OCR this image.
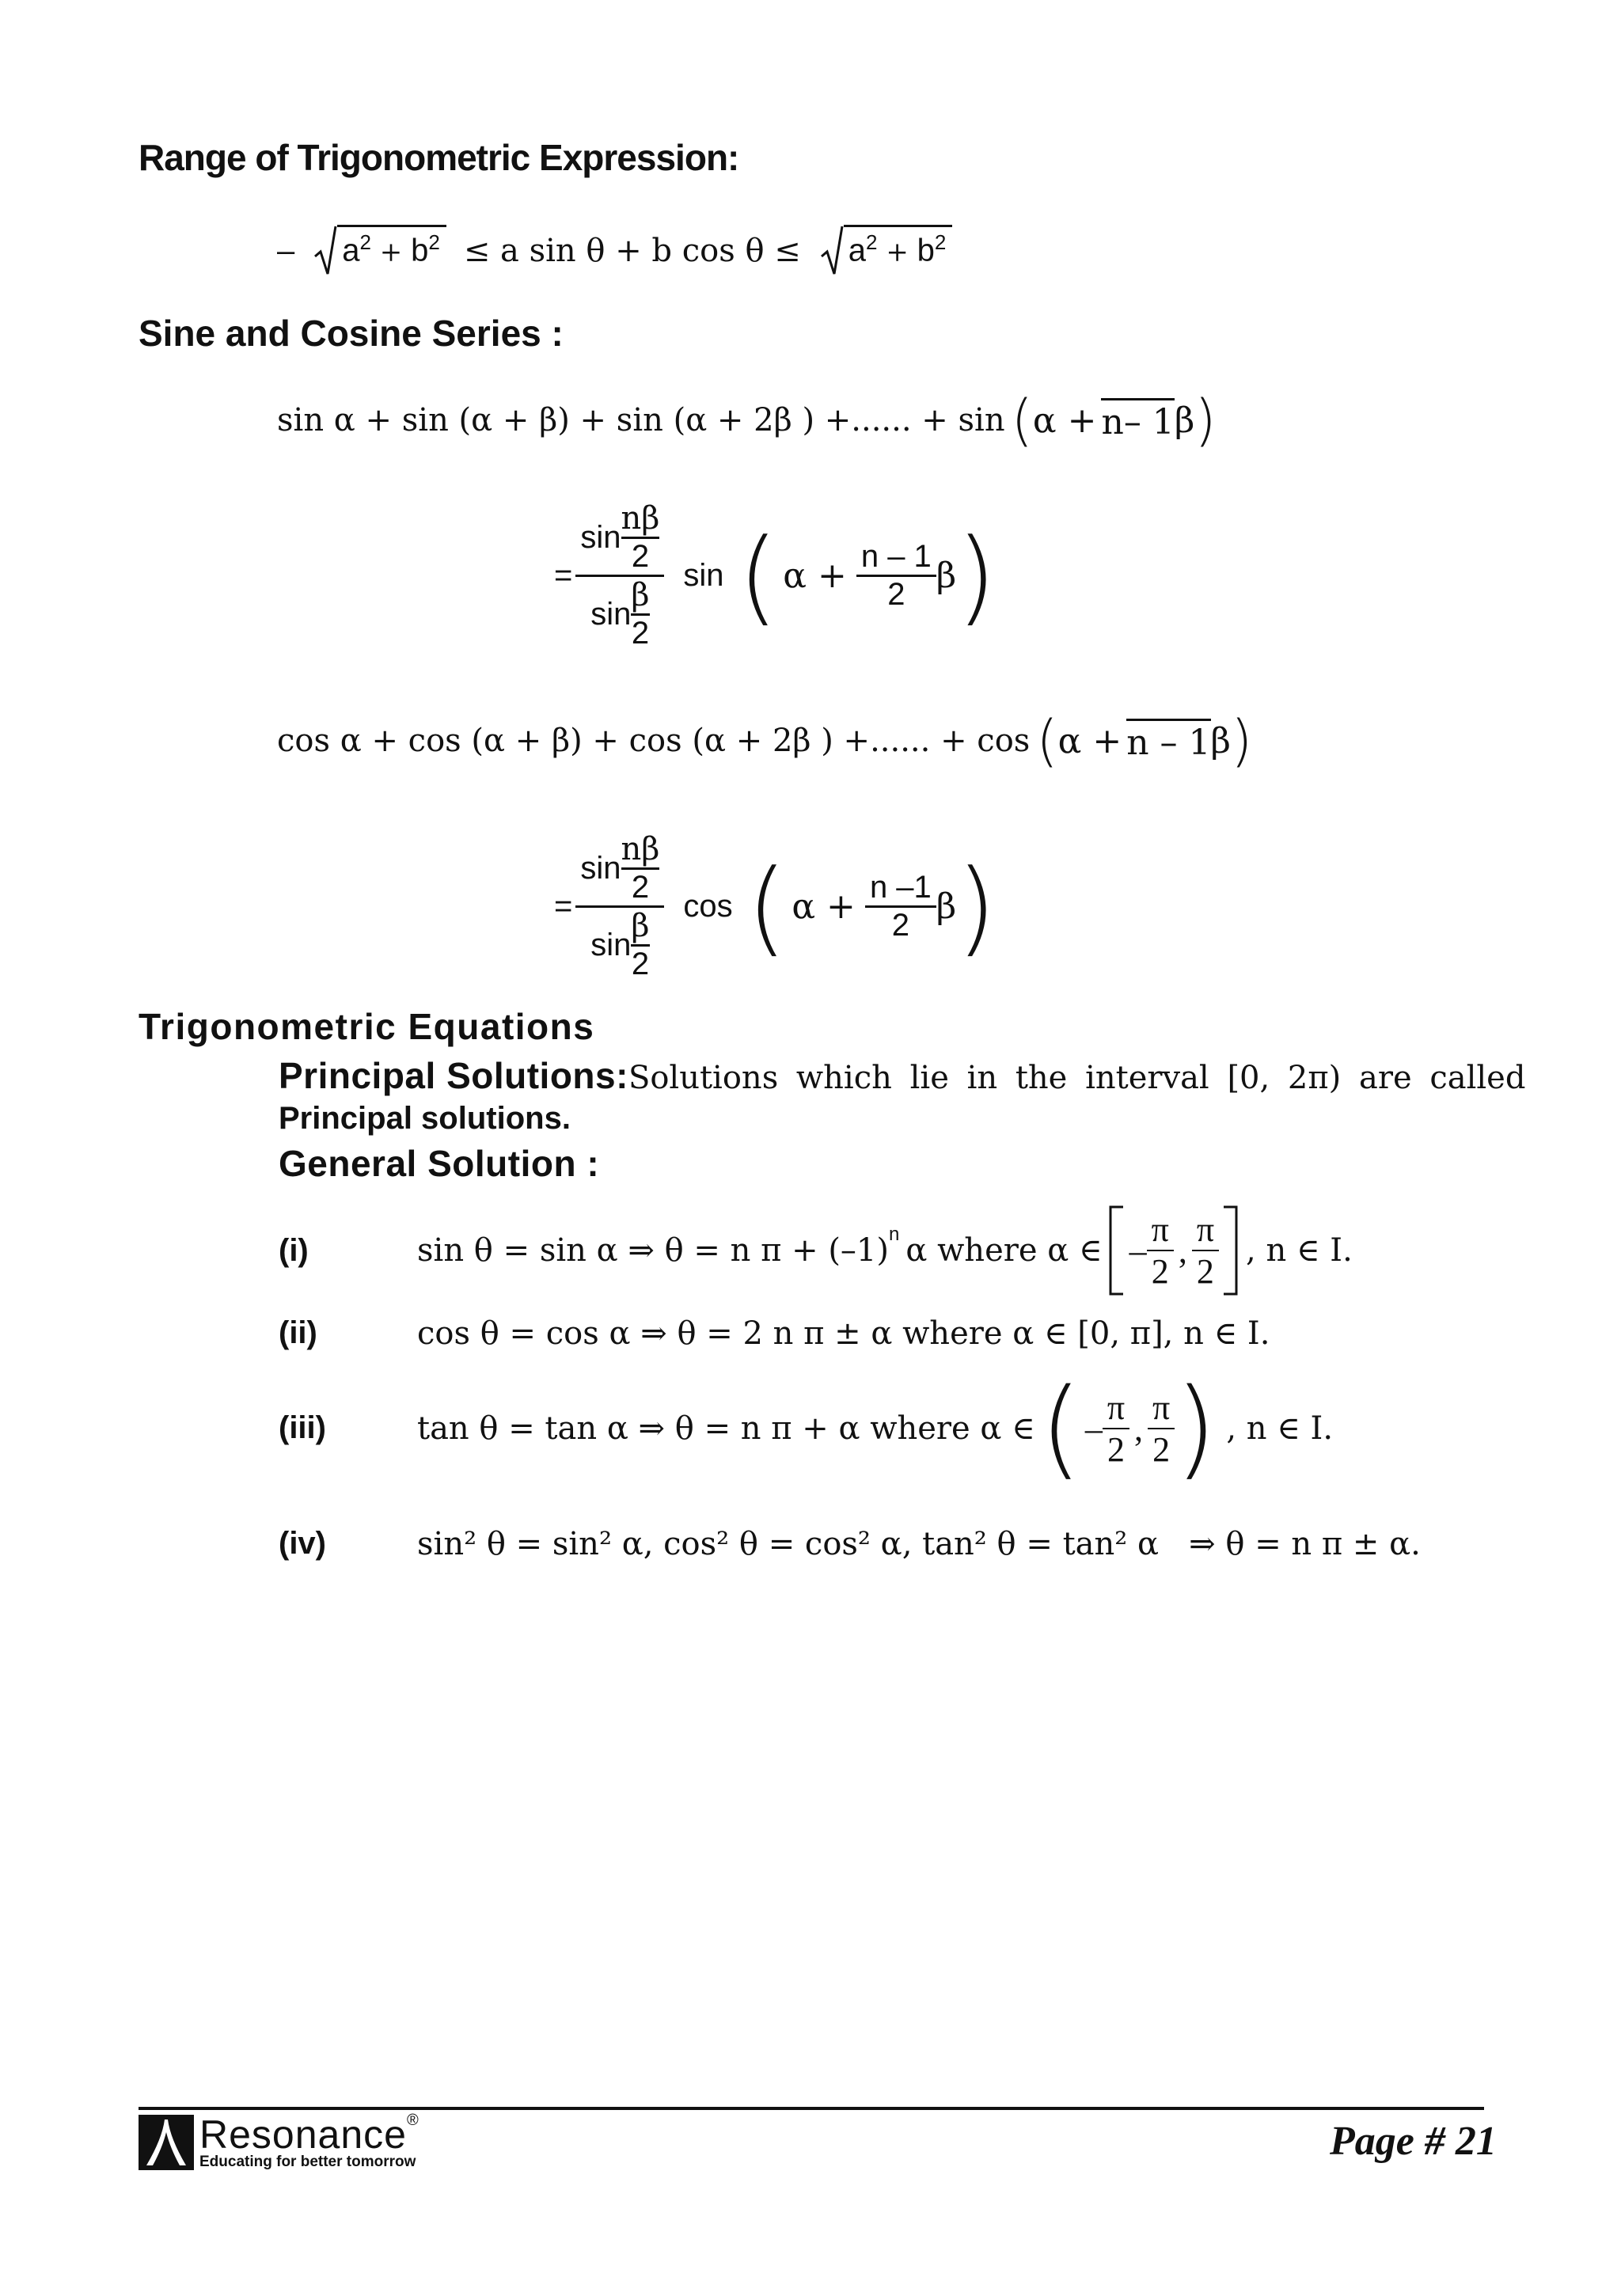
Range of Trigonometric Expression:
– $a^2 + b^2 \le a$ sin θ + b $\cos \theta \le a^2 + b^2$
Sine and Cosine Series :
sin α + sin (α + β) + sin (α + 2β ) +...... + sin ( α + n– 1 β )
= $\frac{\sin \frac{n\beta}{2}}{\sin \frac{\beta}{2}}$ sin ( $\alpha + \frac{n - 1}{2}$ β )
cos α + cos (α + β) + cos (α + 2β ) +...... + cos ( α + n – 1 β )
= $\frac{\sin \frac{n\beta}{2}}{\sin \frac{\beta}{2}}$ cos ( $\alpha + \frac{n -1}{2}$ β )
Trigonometric Equations
Principal Solutions: Solutions which lie in the interval [0, 2π) are called
Principal solutions.
General Solution :
(i)	sin θ = sin α ⇒ θ = n $\pi + (-1)^n$ α where α ∈ – $\frac{\pi}{2}$ , $\frac{\pi}{2}$ , n ∈ I.
(ii)	cos θ = cos α ⇒ θ = 2 n π ± α where α ∈ [0, π], n ∈ I.
(iii)	tan θ = tan α ⇒ θ = n π + α where α ∈ ( – $\frac{\pi}{2}$ , $\frac{\pi}{2}$ ) , n ∈ I.
(iv)	sin² θ = sin² α, cos² θ = cos² α, tan² θ = tan² α   ⇒ θ = n π ± α.
Resonance®
Educating for better tomorrow	Page # 21
